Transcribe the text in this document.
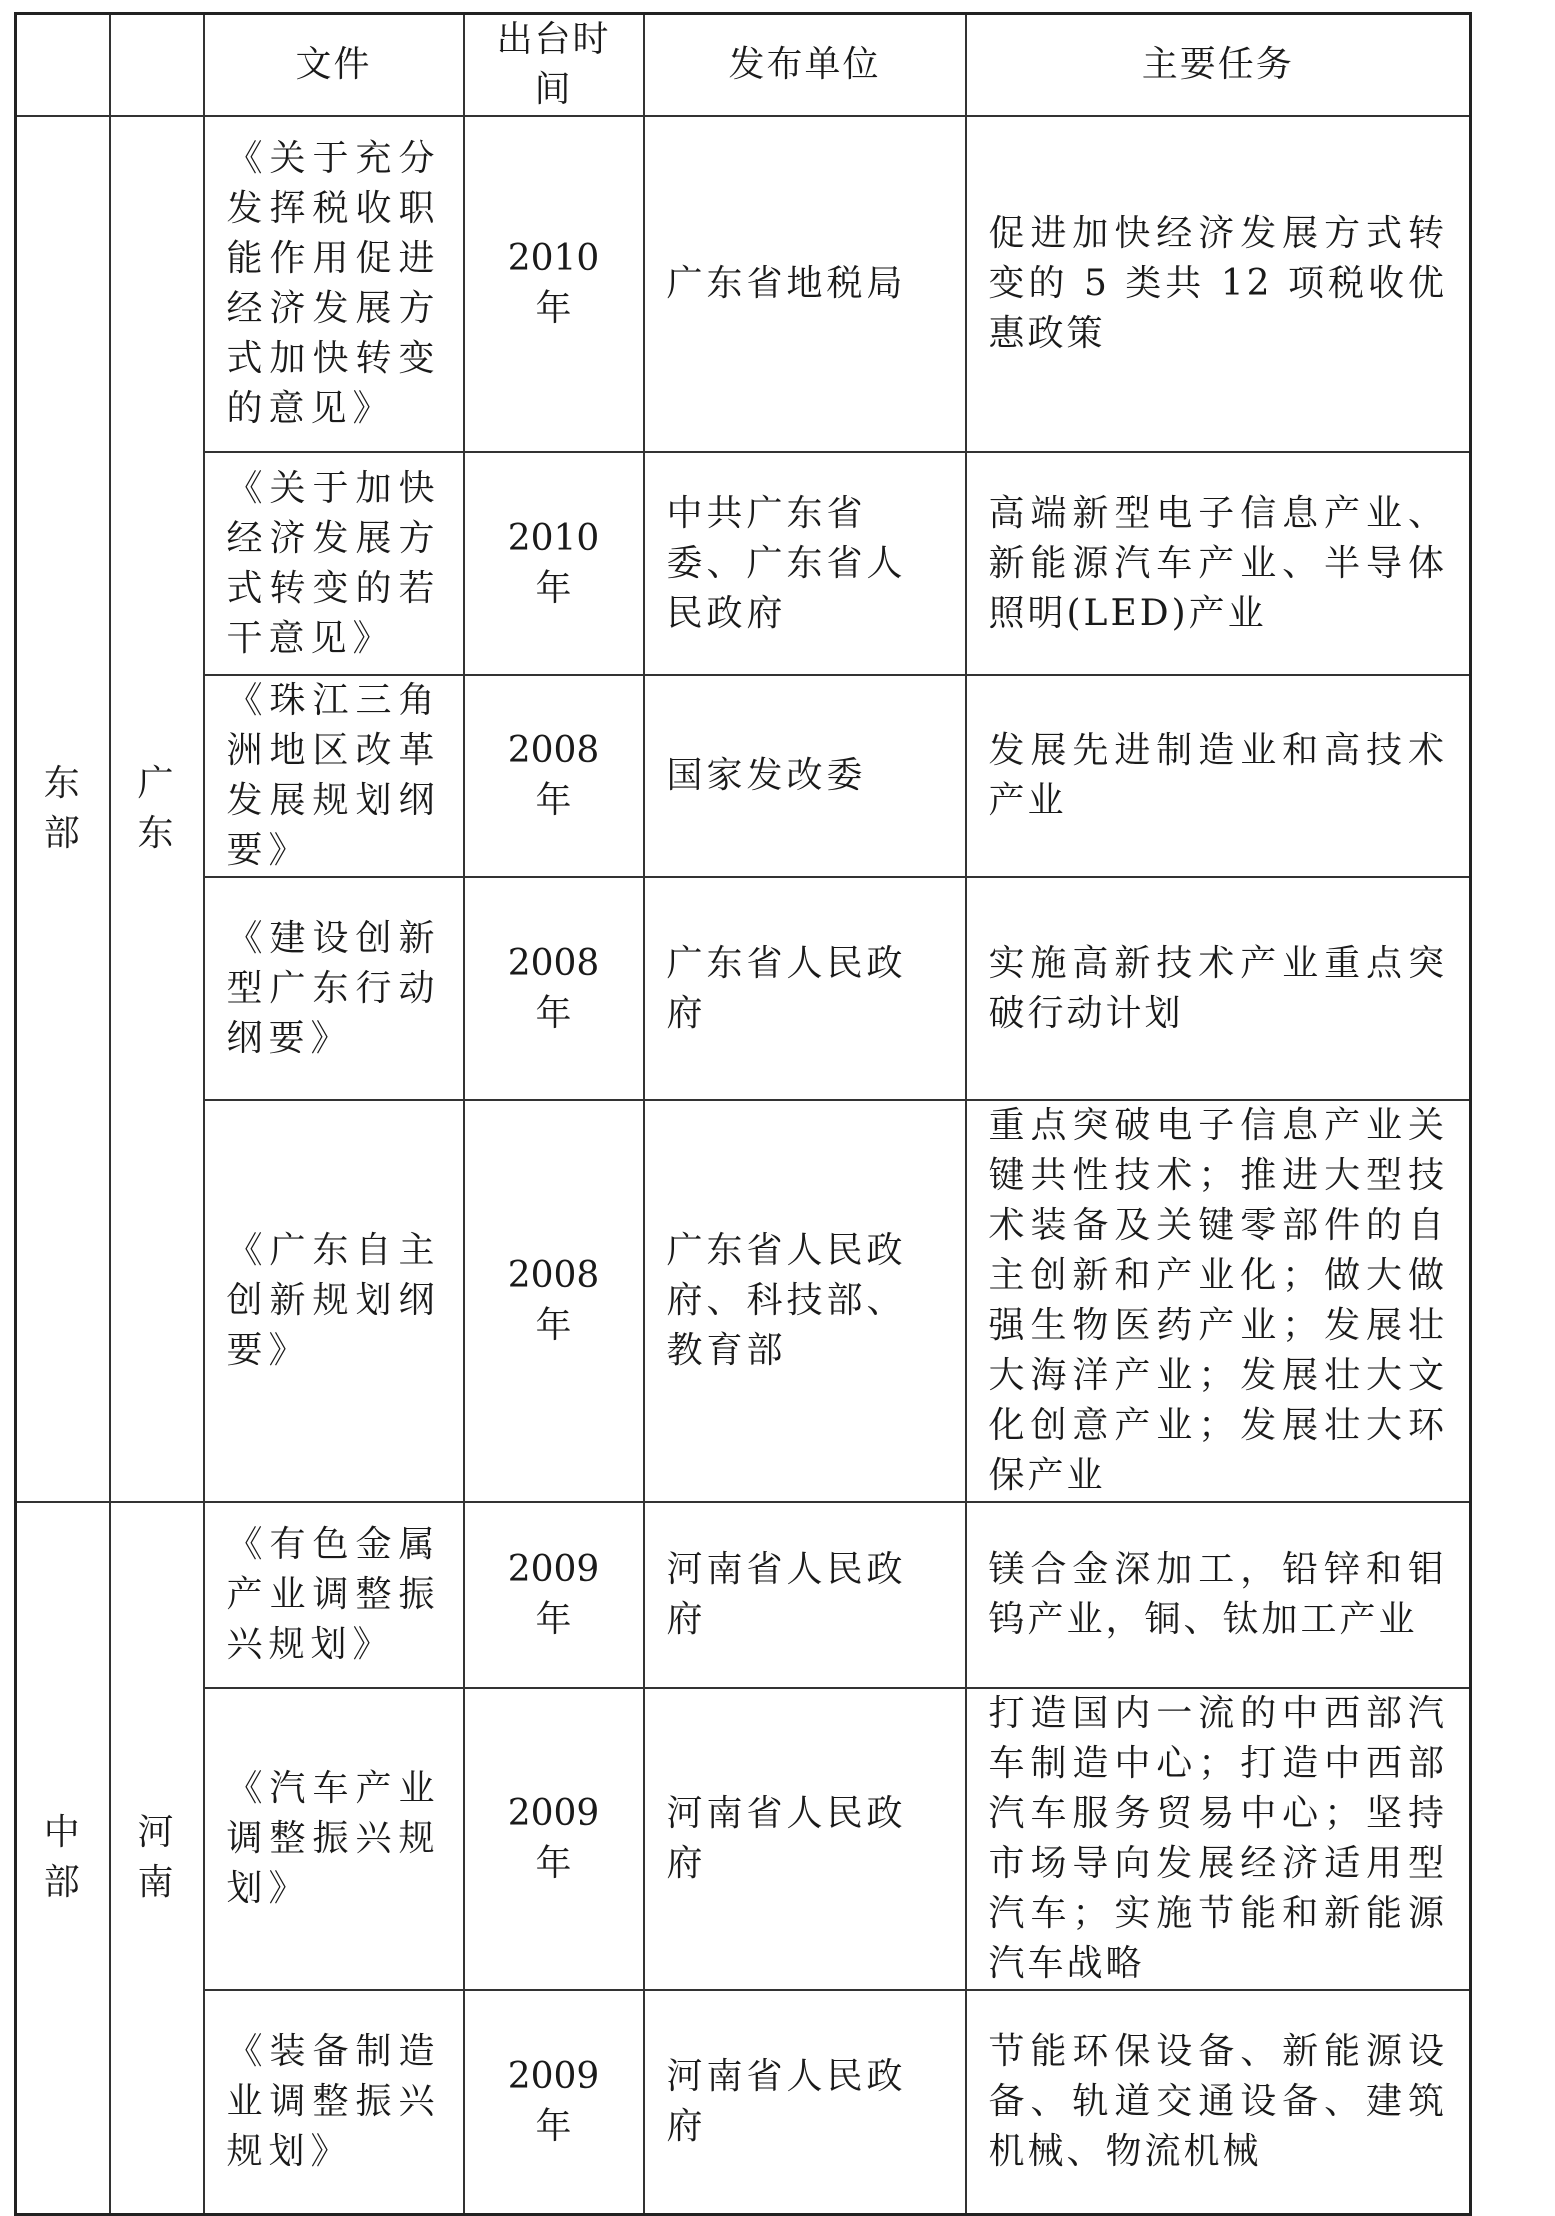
		文件	出台时间	发布单位	主要任务
东部	广东	《关于充分发挥税收职能作用促进经济发展方式加快转变的意见》	2010 年	广东省地税局	促进加快经济发展方式转变的 5 类共 12 项税收优惠政策
		《关于加快经济发展方式转变的若干意见》	2010 年	中共广东省委、广东省人民政府	高端新型电子信息产业、新能源汽车产业、半导体照明(LED)产业
		《珠江三角洲地区改革发展规划纲要》	2008 年	国家发改委	发展先进制造业和高技术产业
		《建设创新型广东行动纲要》	2008 年	广东省人民政府	实施高新技术产业重点突破行动计划
		《广东自主创新规划纲要》	2008 年	广东省人民政府、科技部、教育部	重点突破电子信息产业关键共性技术；推进大型技术装备及关键零部件的自主创新和产业化；做大做强生物医药产业；发展壮大海洋产业；发展壮大文化创意产业；发展壮大环保产业
中部	河南	《有色金属产业调整振兴规划》	2009 年	河南省人民政府	镁合金深加工，铅锌和钼钨产业，铜、钛加工产业
		《汽车产业调整振兴规划》	2009 年	河南省人民政府	打造国内一流的中西部汽车制造中心；打造中西部汽车服务贸易中心；坚持市场导向发展经济适用型汽车；实施节能和新能源汽车战略
		《装备制造业调整振兴规划》	2009 年	河南省人民政府	节能环保设备、新能源设备、轨道交通设备、建筑机械、物流机械
